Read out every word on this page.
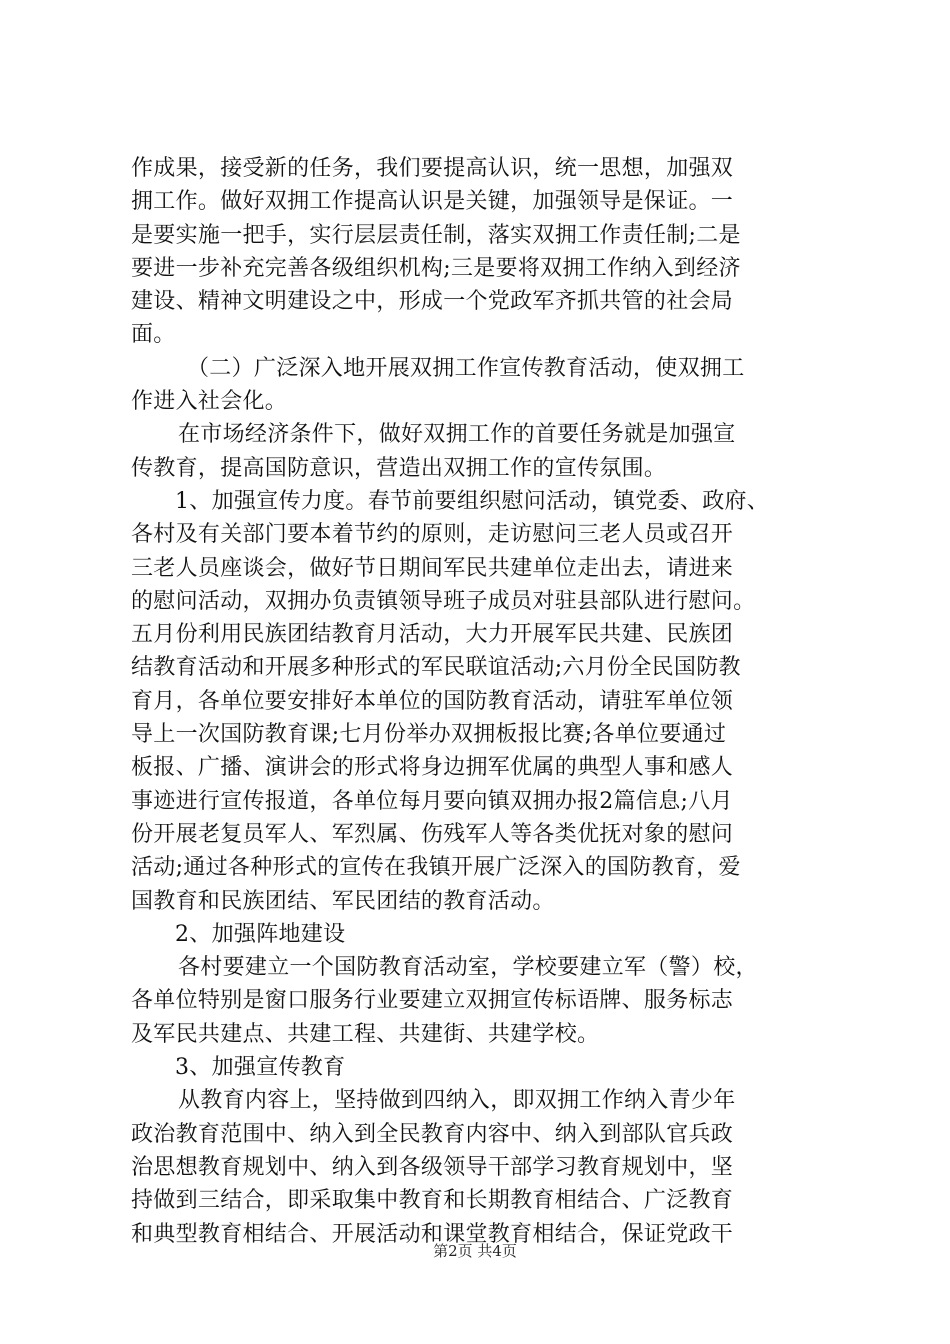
作成果，接受新的任务，我们要提高认识，统一思想，加强双
拥工作。做好双拥工作提高认识是关键，加强领导是保证。一
是要实施一把手，实行层层责任制，落实双拥工作责任制;二是
要进一步补充完善各级组织机构;三是要将双拥工作纳入到经济
建设、精神文明建设之中，形成一个党政军齐抓共管的社会局
面。
（二）广泛深入地开展双拥工作宣传教育活动，使双拥工
作进入社会化。
在市场经济条件下，做好双拥工作的首要任务就是加强宣
传教育，提高国防意识，营造出双拥工作的宣传氛围。
1、加强宣传力度。春节前要组织慰问活动，镇党委、政府、
各村及有关部门要本着节约的原则，走访慰问三老人员或召开
三老人员座谈会，做好节日期间军民共建单位走出去，请进来
的慰问活动，双拥办负责镇领导班子成员对驻县部队进行慰问。
五月份利用民族团结教育月活动，大力开展军民共建、民族团
结教育活动和开展多种形式的军民联谊活动;六月份全民国防教
育月，各单位要安排好本单位的国防教育活动，请驻军单位领
导上一次国防教育课;七月份举办双拥板报比赛;各单位要通过
板报、广播、演讲会的形式将身边拥军优属的典型人事和感人
事迹进行宣传报道，各单位每月要向镇双拥办报2篇信息;八月
份开展老复员军人、军烈属、伤残军人等各类优抚对象的慰问
活动;通过各种形式的宣传在我镇开展广泛深入的国防教育，爱
国教育和民族团结、军民团结的教育活动。
2、加强阵地建设
各村要建立一个国防教育活动室，学校要建立军（警）校，
各单位特别是窗口服务行业要建立双拥宣传标语牌、服务标志
及军民共建点、共建工程、共建街、共建学校。
3、加强宣传教育
从教育内容上，坚持做到四纳入，即双拥工作纳入青少年
政治教育范围中、纳入到全民教育内容中、纳入到部队官兵政
治思想教育规划中、纳入到各级领导干部学习教育规划中，坚
持做到三结合，即采取集中教育和长期教育相结合、广泛教育
和典型教育相结合、开展活动和课堂教育相结合，保证党政干
第2页 共4页
